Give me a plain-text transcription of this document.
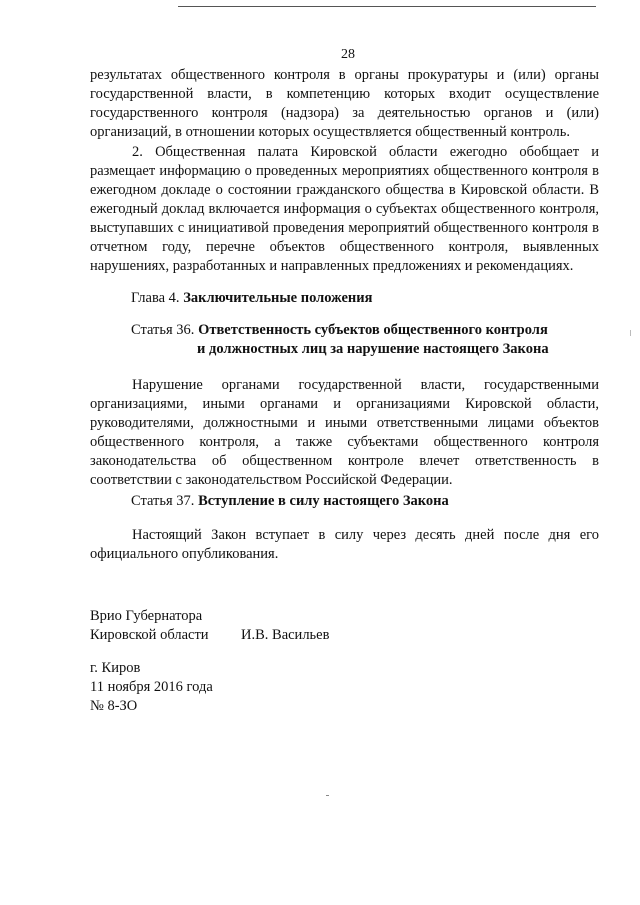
28

результатах общественного контроля в органы прокуратуры и (или) органы государственной власти, в компетенцию которых входит осуществление государственного контроля (надзора) за деятельностью органов и (или) организаций, в отношении которых осуществляется общественный контроль.

2. Общественная палата Кировской области ежегодно обобщает и размещает информацию о проведенных мероприятиях общественного контроля в ежегодном докладе о состоянии гражданского общества в Кировской области. В ежегодный доклад включается информация о субъектах общественного контроля, выступавших с инициативой проведения мероприятий общественного контроля в отчетном году, перечне объектов общественного контроля, выявленных нарушениях, разработанных и направленных предложениях и рекомендациях.

Глава 4. Заключительные положения

Статья 36. Ответственность субъектов общественного контроля

и должностных лиц за нарушение настоящего Закона

Нарушение органами государственной власти, государственными организациями, иными органами и организациями Кировской области, руководителями, должностными и иными ответственными лицами объектов общественного контроля, а также субъектами общественного контроля законодательства об общественном контроле влечет ответственность в соответствии с законодательством Российской Федерации.

Статья 37. Вступление в силу настоящего Закона

Настоящий Закон вступает в силу через десять дней после дня его официального опубликования.

Врио Губернатора

Кировской области И.В. Васильев

г. Киров

11 ноября 2016 года

№ 8-ЗО
